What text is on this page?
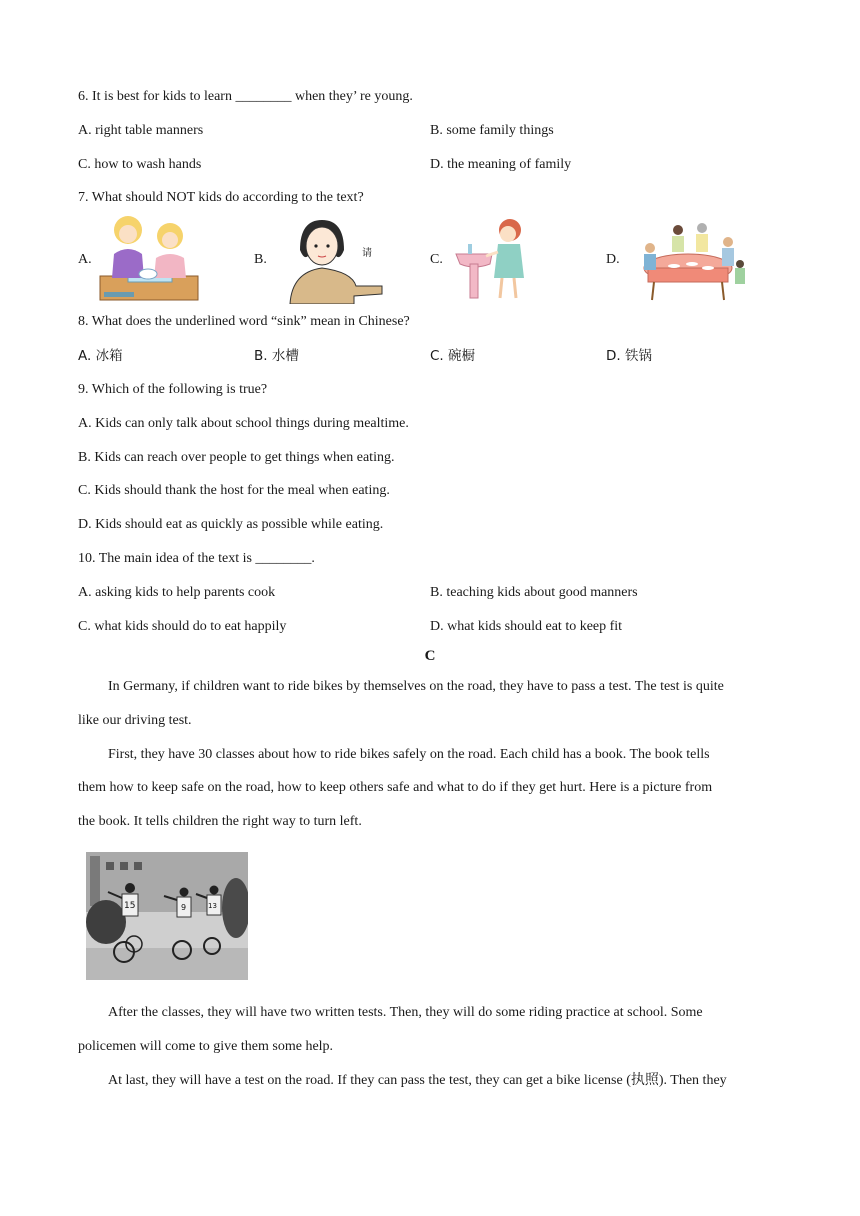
6. It is best for kids to learn ________ when they’ re young.
A. right table manners	B. some family things
C. how to wash hands	D. the meaning of family
7. What should NOT kids do according to the text?
A.	B.	C.	D.
请
8. What does the underlined word “sink” mean in Chinese?
A. 冰箱	B. 水槽	C. 碗橱	D. 铁锅
9. Which of the following is true?
A. Kids can only talk about school things during mealtime.
B. Kids can reach over people to get things when eating.
C. Kids should thank the host for the meal when eating.
D. Kids should eat as quickly as possible while eating.
10. The main idea of the text is ________.
A. asking kids to help parents cook	B. teaching kids about good manners
C. what kids should do to eat happily	D. what kids should eat to keep fit
C
In Germany, if children want to ride bikes by themselves on the road, they have to pass a test. The test is quite
like our driving test.
First, they have 30 classes about how to ride bikes safely on the road. Each child has a book. The book tells
them how to keep safe on the road, how to keep others safe and what to do if they get hurt. Here is a picture from
the book. It tells children the right way to turn left.
15	9	13
After the classes, they will have two written tests. Then, they will do some riding practice at school. Some
policemen will come to give them some help.
At last, they will have a test on the road. If they can pass the test, they can get a bike license (执照). Then they
